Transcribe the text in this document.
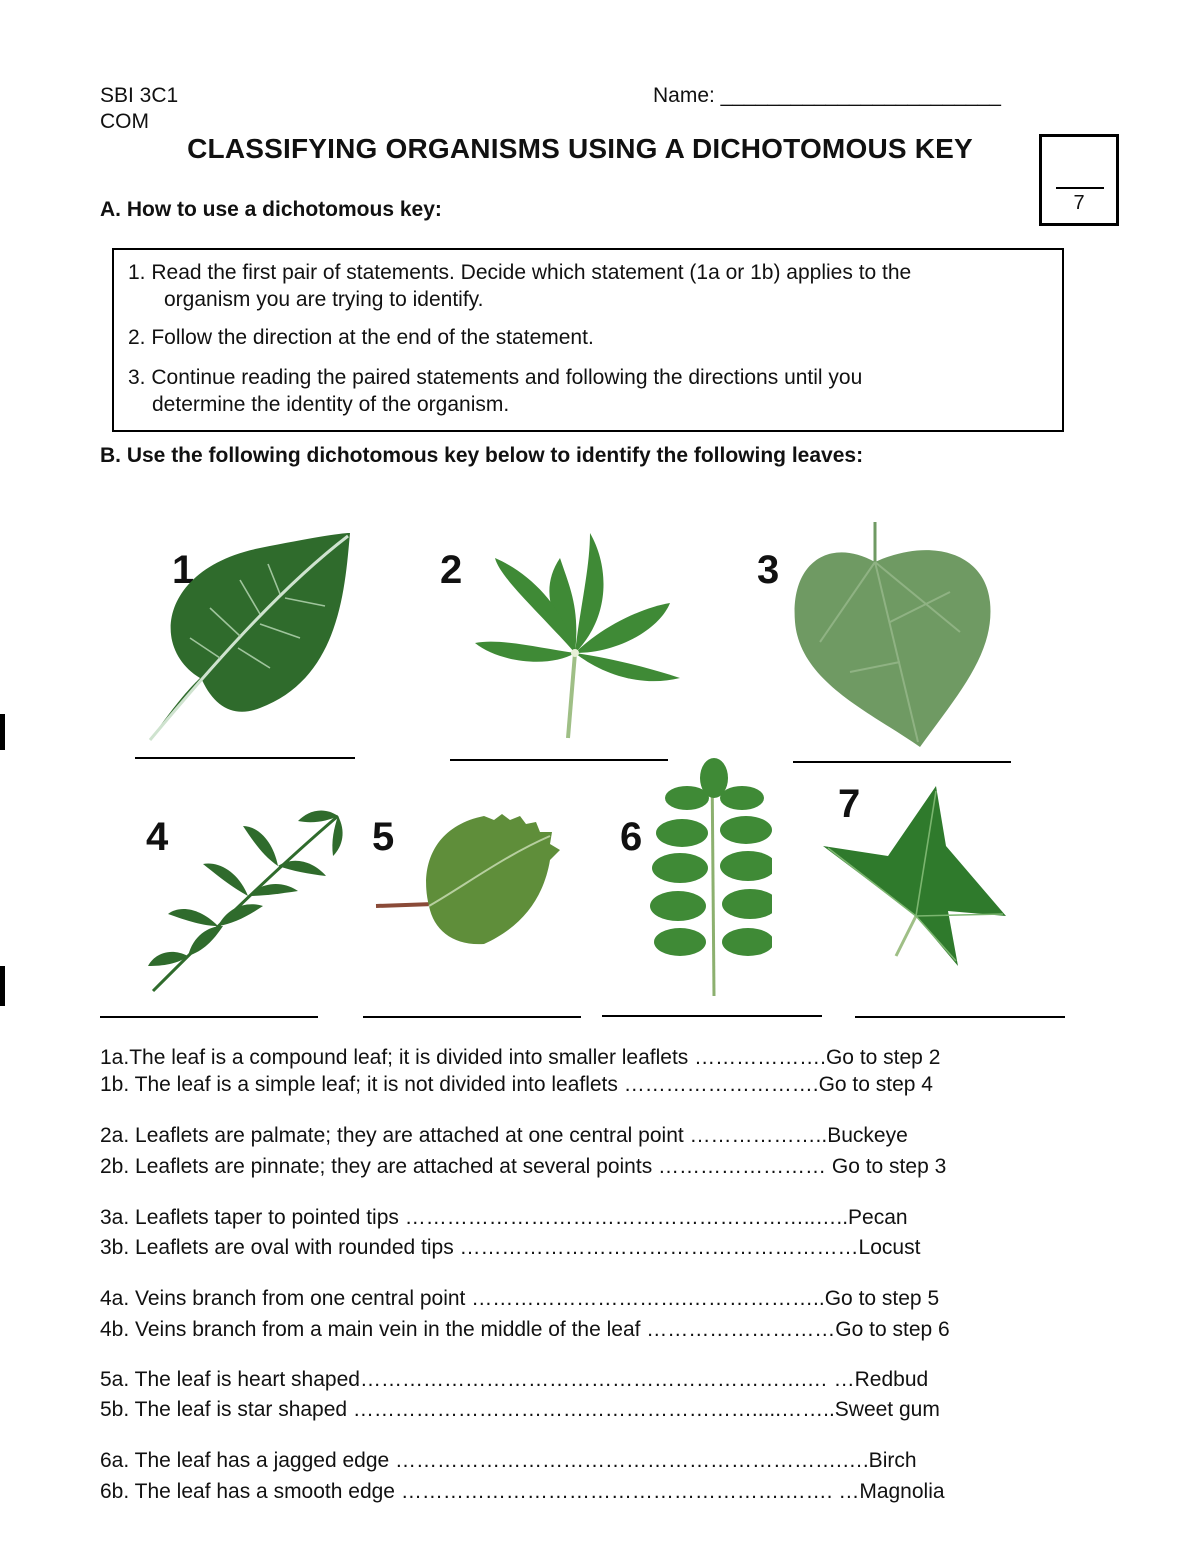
SBI 3C1
COM
Name: ________________________
CLASSIFYING ORGANISMS USING A DICHOTOMOUS KEY
7
A. How to use a dichotomous key:
1. Read the first pair of statements. Decide which statement (1a or 1b) applies to the
organism you are trying to identify.
2. Follow the direction at the end of the statement.
3. Continue reading the paired statements and following the directions until you
determine the identity of the organism.
B. Use the following dichotomous key below to identify the following leaves:
1	2	3
4	5	6
7
1a.The leaf is a compound leaf; it is divided into smaller leaflets ……………….Go to step 2
1b. The leaf is a simple leaf; it is not divided into leaflets ……………………….Go to step 4
2a. Leaflets are palmate; they are attached at one central point ………………..Buckeye
2b. Leaflets are pinnate; they are attached at several points …………………… Go to step 3
3a. Leaflets taper to pointed tips …………………………………………………..…..Pecan
3b. Leaflets are oval with rounded tips …………………………………………………Locust
4a. Veins branch from one central point ………………………….………………..Go to step 5
4b. Veins branch from a main vein in the middle of the leaf ………………………Go to step 6
5a. The leaf is heart shaped……………………………………………………….… …Redbud
5b. The leaf is star shaped ………………………………………………….....……..Sweet gum
6a. The leaf has a jagged edge ……………………………………………………….….Birch
6b. The leaf has a smooth edge ……………………………………………….……. …Magnolia
